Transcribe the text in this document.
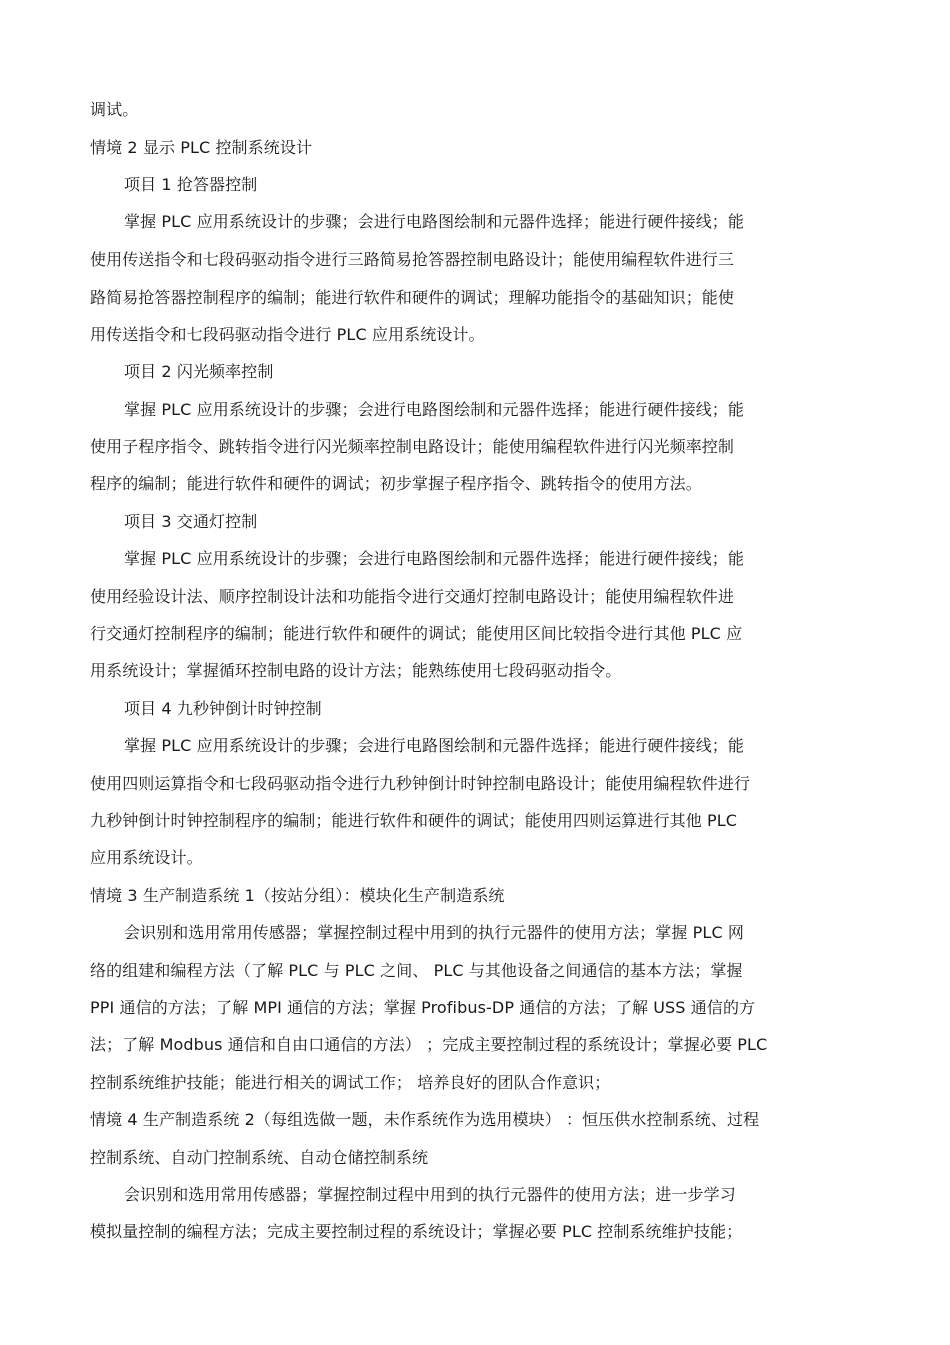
调试。
情境 2 显示 PLC 控制系统设计
项目 1 抢答器控制
掌握 PLC 应用系统设计的步骤；会进行电路图绘制和元器件选择；能进行硬件接线；能
使用传送指令和七段码驱动指令进行三路简易抢答器控制电路设计；能使用编程软件进行三
路简易抢答器控制程序的编制；能进行软件和硬件的调试；理解功能指令的基础知识；能使
用传送指令和七段码驱动指令进行 PLC 应用系统设计。
项目 2 闪光频率控制
掌握 PLC 应用系统设计的步骤；会进行电路图绘制和元器件选择；能进行硬件接线；能
使用子程序指令、跳转指令进行闪光频率控制电路设计；能使用编程软件进行闪光频率控制
程序的编制；能进行软件和硬件的调试；初步掌握子程序指令、跳转指令的使用方法。
项目 3 交通灯控制
掌握 PLC 应用系统设计的步骤；会进行电路图绘制和元器件选择；能进行硬件接线；能
使用经验设计法、顺序控制设计法和功能指令进行交通灯控制电路设计；能使用编程软件进
行交通灯控制程序的编制；能进行软件和硬件的调试；能使用区间比较指令进行其他 PLC 应
用系统设计；掌握循环控制电路的设计方法；能熟练使用七段码驱动指令。
项目 4 九秒钟倒计时钟控制
掌握 PLC 应用系统设计的步骤；会进行电路图绘制和元器件选择；能进行硬件接线；能
使用四则运算指令和七段码驱动指令进行九秒钟倒计时钟控制电路设计；能使用编程软件进行
九秒钟倒计时钟控制程序的编制；能进行软件和硬件的调试；能使用四则运算进行其他 PLC
应用系统设计。
情境 3 生产制造系统 1（按站分组）：模块化生产制造系统
会识别和选用常用传感器；掌握控制过程中用到的执行元器件的使用方法；掌握 PLC 网
络的组建和编程方法（了解 PLC 与 PLC 之间、 PLC 与其他设备之间通信的基本方法；掌握
PPI 通信的方法；了解 MPI 通信的方法；掌握 Profibus-DP 通信的方法；了解 USS 通信的方
法；了解 Modbus 通信和自由口通信的方法） ；完成主要控制过程的系统设计；掌握必要 PLC
控制系统维护技能；能进行相关的调试工作； 培养良好的团队合作意识；
情境 4 生产制造系统 2（每组选做一题，未作系统作为选用模块） ：恒压供水控制系统、过程
控制系统、自动门控制系统、自动仓储控制系统
会识别和选用常用传感器；掌握控制过程中用到的执行元器件的使用方法；进一步学习
模拟量控制的编程方法；完成主要控制过程的系统设计；掌握必要 PLC 控制系统维护技能；
